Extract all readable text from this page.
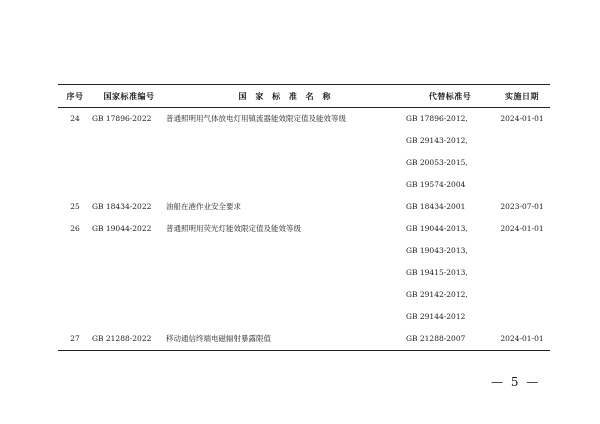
序号	国家标准编号	国 家 标 准 名 称	代替标准号	实施日期

24	GB 17896-2022	普通照明用气体放电灯用镇流器能效限定值及能效等级	GB 17896-2012,
GB 29143-2012,
GB 20053-2015,
GB 19574-2004	2024-01-01

25	GB 18434-2022	油船在港作业安全要求	GB 18434-2001	2023-07-01

26	GB 19044-2022	普通照明用荧光灯能效限定值及能效等级	GB 19044-2013,
GB 19043-2013,
GB 19415-2013,
GB 29142-2012,
GB 29144-2012	2024-01-01

27	GB 21288-2022	移动通信终端电磁辐射暴露限值	GB 21288-2007	2024-01-01
— 5 —
